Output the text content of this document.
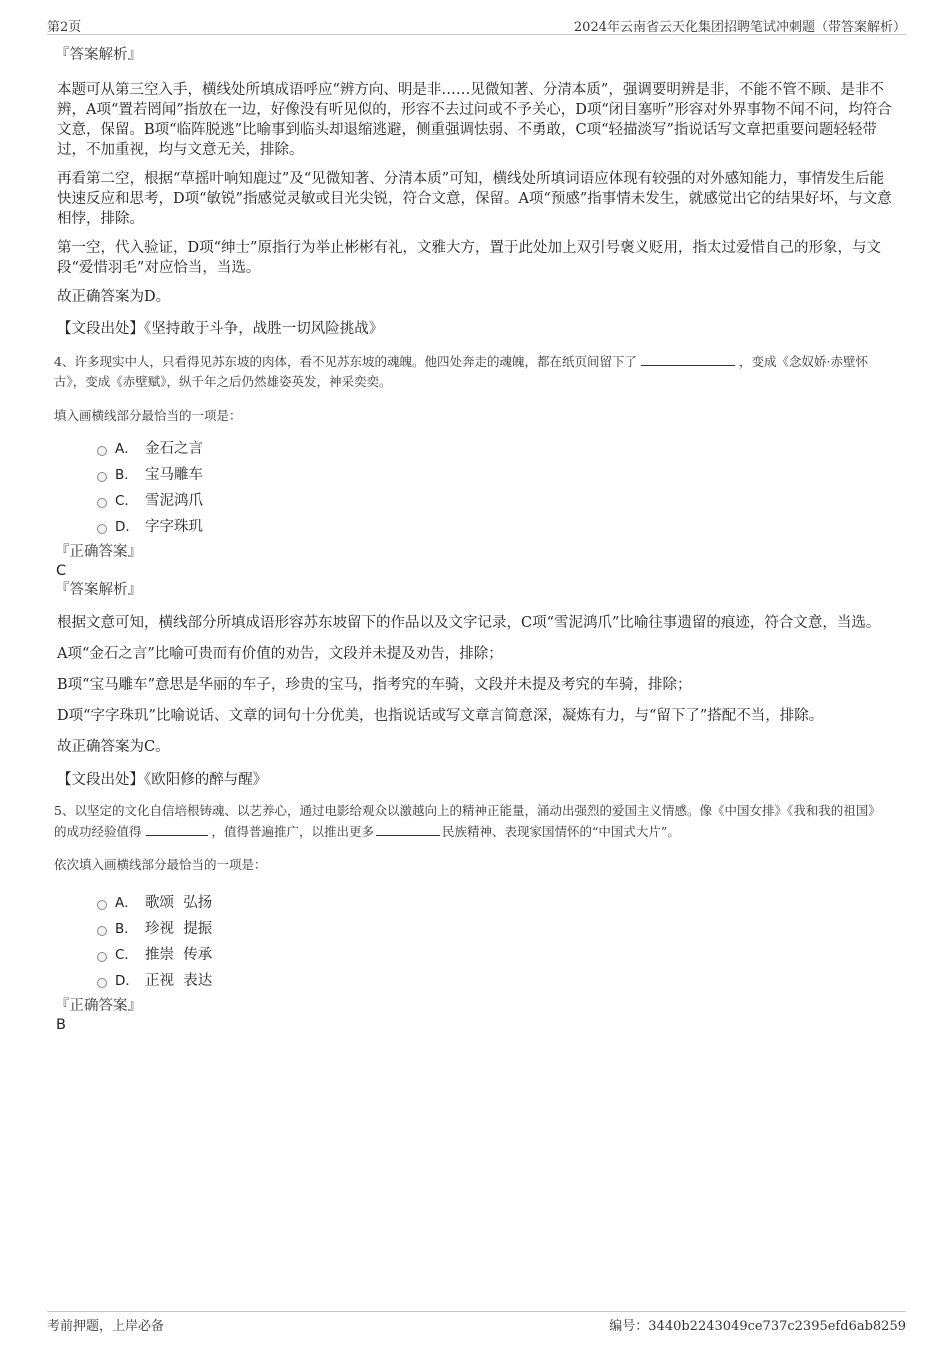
第2页	2024年云南省云天化集团招聘笔试冲刺题（带答案解析）
『答案解析』

本题可从第三空入手，横线处所填成语呼应“辨方向、明是非……见微知著、分清本质”，强调要明辨是非，不能不管不顾、是非不辨，A项“置若罔闻”指放在一边，好像没有听见似的，形容不去过问或不予关心，D项“闭目塞听”形容对外界事物不闻不问，均符合文意，保留。B项“临阵脱逃”比喻事到临头却退缩逃避，侧重强调怯弱、不勇敢，C项“轻描淡写”指说话写文章把重要问题轻轻带过，不加重视，均与文意无关，排除。

再看第二空，根据“草摇叶响知鹿过”及“见微知著、分清本质”可知，横线处所填词语应体现有较强的对外感知能力，事情发生后能快速反应和思考，D项“敏锐”指感觉灵敏或目光尖锐，符合文意，保留。A项“预感”指事情未发生，就感觉出它的结果好坏，与文意相悖，排除。

第一空，代入验证，D项“绅士”原指行为举止彬彬有礼，文雅大方，置于此处加上双引号褒义贬用，指太过爱惜自己的形象，与文段“爱惜羽毛”对应恰当，当选。

故正确答案为D。

【文段出处】《坚持敢于斗争，战胜一切风险挑战》

4、许多现实中人，只看得见苏东坡的肉体，看不见苏东坡的魂魄。他四处奔走的魂魄，都在纸页间留下了	，变成《念奴娇·赤壁怀古》，变成《赤壁赋》，纵千年之后仍然雄姿英发，神采奕奕。

填入画横线部分最恰当的一项是：

A． 金石之言
B． 宝马雕车
C． 雪泥鸿爪
D． 字字珠玑
『正确答案』
C
『答案解析』

根据文意可知，横线部分所填成语形容苏东坡留下的作品以及文字记录，C项“雪泥鸿爪”比喻往事遗留的痕迹，符合文意，当选。

A项“金石之言”比喻可贵而有价值的劝告，文段并未提及劝告，排除；

B项“宝马雕车”意思是华丽的车子，珍贵的宝马，指考究的车骑，文段并未提及考究的车骑，排除；

D项“字字珠玑”比喻说话、文章的词句十分优美，也指说话或写文章言简意深，凝炼有力，与“留下了”搭配不当，排除。

故正确答案为C。

【文段出处】《欧阳修的醉与醒》

5、以坚定的文化自信培根铸魂、以艺养心，通过电影给观众以激越向上的精神正能量，涌动出强烈的爱国主义情感。像《中国女排》《我和我的祖国》的成功经验值得	，值得普遍推广，以推出更多	民族精神、表现家国情怀的“中国式大片”。

依次填入画横线部分最恰当的一项是：

A． 歌颂  弘扬
B． 珍视  提振
C． 推崇  传承
D． 正视  表达
『正确答案』
B
考前押题，上岸必备	编号：3440b2243049ce737c2395efd6ab8259
